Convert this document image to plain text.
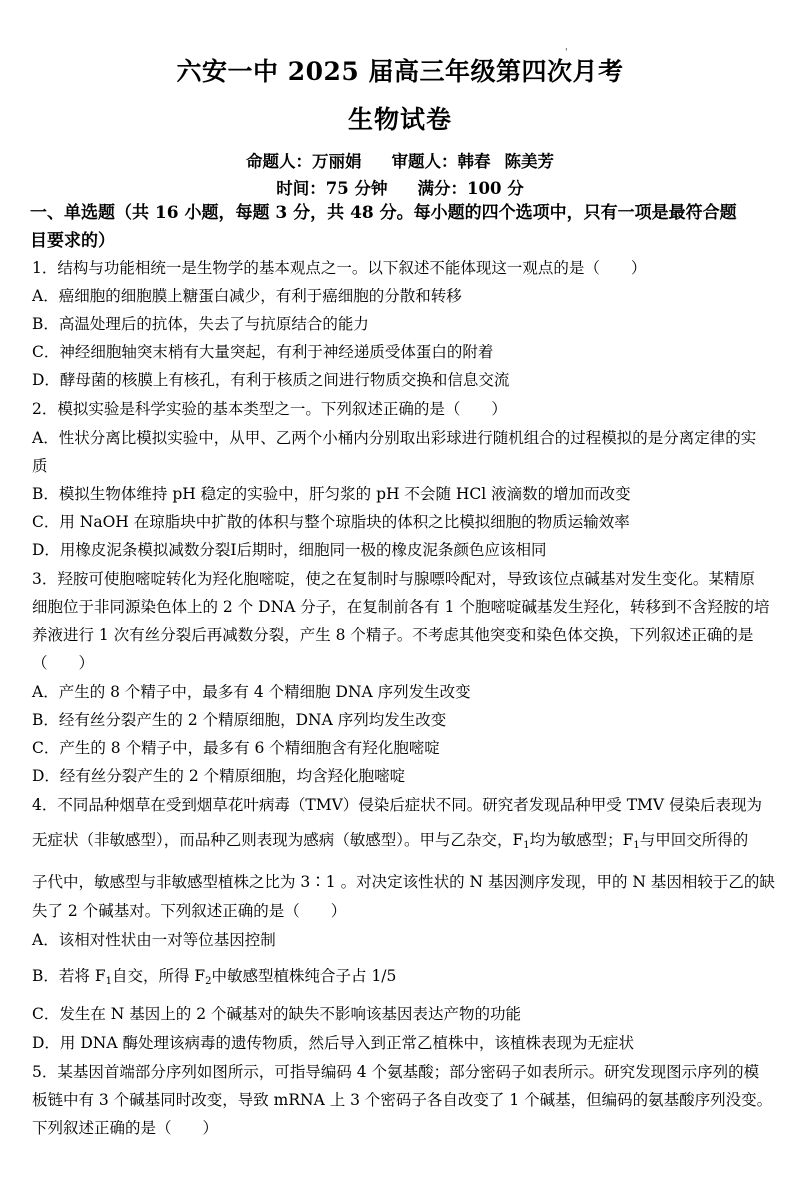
'
六安一中 2025 届高三年级第四次月考
生物试卷
命题人：万丽娟 审题人：韩春 陈美芳
时间：75 分钟 满分：100 分
一、单选题（共 16 小题，每题 3 分，共 48 分。每小题的四个选项中，只有一项是最符合题
目要求的）
1．结构与功能相统一是生物学的基本观点之一。以下叙述不能体现这一观点的是（　　）
A．癌细胞的细胞膜上糖蛋白减少，有利于癌细胞的分散和转移
B．高温处理后的抗体，失去了与抗原结合的能力
C．神经细胞轴突末梢有大量突起，有利于神经递质受体蛋白的附着
D．酵母菌的核膜上有核孔，有利于核质之间进行物质交换和信息交流
2．模拟实验是科学实验的基本类型之一。下列叙述正确的是（　　）
A．性状分离比模拟实验中，从甲、乙两个小桶内分别取出彩球进行随机组合的过程模拟的是分离定律的实
质
B．模拟生物体维持 pH 稳定的实验中，肝匀浆的 pH 不会随 HCl 液滴数的增加而改变
C．用 NaOH 在琼脂块中扩散的体积与整个琼脂块的体积之比模拟细胞的物质运输效率
D．用橡皮泥条模拟减数分裂Ⅰ后期时，细胞同一极的橡皮泥条颜色应该相同
3．羟胺可使胞嘧啶转化为羟化胞嘧啶，使之在复制时与腺嘌呤配对，导致该位点碱基对发生变化。某精原
细胞位于非同源染色体上的 2 个 DNA 分子，在复制前各有 1 个胞嘧啶碱基发生羟化，转移到不含羟胺的培
养液进行 1 次有丝分裂后再减数分裂，产生 8 个精子。不考虑其他突变和染色体交换，下列叙述正确的是
（　　）
A．产生的 8 个精子中，最多有 4 个精细胞 DNA 序列发生改变
B．经有丝分裂产生的 2 个精原细胞，DNA 序列均发生改变
C．产生的 8 个精子中，最多有 6 个精细胞含有羟化胞嘧啶
D．经有丝分裂产生的 2 个精原细胞，均含羟化胞嘧啶
4．不同品种烟草在受到烟草花叶病毒（TMV）侵染后症状不同。研究者发现品种甲受 TMV 侵染后表现为
无症状（非敏感型），而品种乙则表现为感病（敏感型）。甲与乙杂交，$F_1$均为敏感型；$F_1$与甲回交所得的
子代中，敏感型与非敏感型植株之比为 3∶1 。对决定该性状的 N 基因测序发现，甲的 N 基因相较于乙的缺
失了 2 个碱基对。下列叙述正确的是（　　）
A．该相对性状由一对等位基因控制
B．若将 $F_1$自交，所得 $F_2$中敏感型植株纯合子占 1/5
C．发生在 N 基因上的 2 个碱基对的缺失不影响该基因表达产物的功能
D．用 DNA 酶处理该病毒的遗传物质，然后导入到正常乙植株中，该植株表现为无症状
5．某基因首端部分序列如图所示，可指导编码 4 个氨基酸；部分密码子如表所示。研究发现图示序列的模
板链中有 3 个碱基同时改变，导致 mRNA 上 3 个密码子各自改变了 1 个碱基，但编码的氨基酸序列没变。
下列叙述正确的是（　　）
